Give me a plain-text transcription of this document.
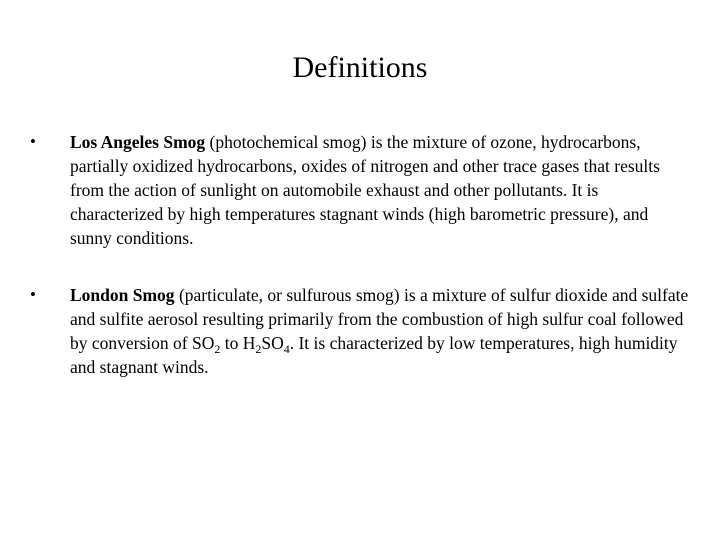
Definitions
•	Los Angeles Smog (photochemical smog) is the mixture of ozone, hydrocarbons, partially oxidized hydrocarbons, oxides of nitrogen and other trace gases that results from the action of sunlight on automobile exhaust and other pollutants. It is characterized by high temperatures stagnant winds (high barometric pressure), and sunny conditions.
•	London Smog (particulate, or sulfurous smog) is a mixture of sulfur dioxide and sulfate and sulfite aerosol resulting primarily from the combustion of high sulfur coal followed by conversion of $SO_2$ to $H_2SO_4$. It is characterized by low temperatures, high humidity and stagnant winds.
